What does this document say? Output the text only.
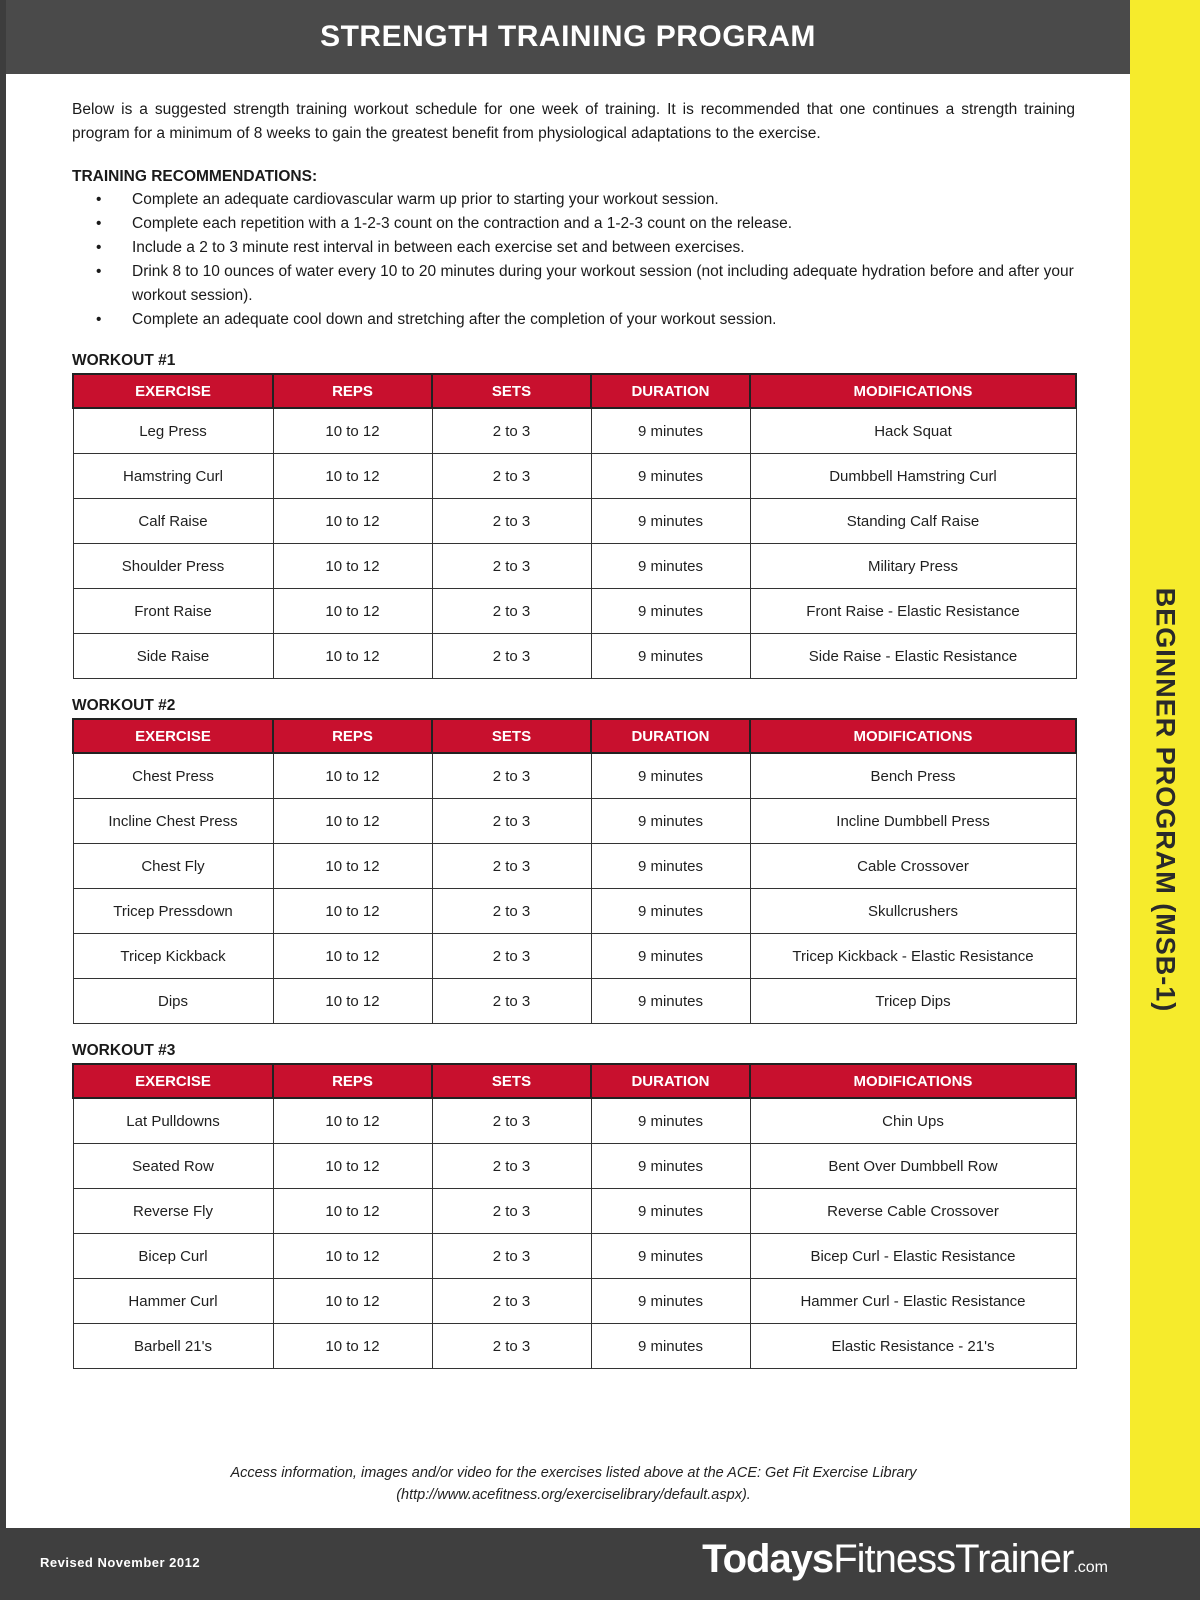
STRENGTH TRAINING PROGRAM
BEGINNER PROGRAM (MSB-1)

Below is a suggested strength training workout schedule for one week of training. It is recommended that one continues a strength training program for a minimum of 8 weeks to gain the greatest benefit from physiological adaptations to the exercise.

TRAINING RECOMMENDATIONS:
• Complete an adequate cardiovascular warm up prior to starting your workout session.
• Complete each repetition with a 1-2-3 count on the contraction and a 1-2-3 count on the release.
• Include a 2 to 3 minute rest interval in between each exercise set and between exercises.
• Drink 8 to 10 ounces of water every 10 to 20 minutes during your workout session (not including adequate hydration before and after your workout session).
• Complete an adequate cool down and stretching after the completion of your workout session.
WORKOUT #1
EXERCISE	REPS	SETS	DURATION	MODIFICATIONS
Leg Press	10 to 12	2 to 3	9 minutes	Hack Squat
Hamstring Curl	10 to 12	2 to 3	9 minutes	Dumbbell Hamstring Curl
Calf Raise	10 to 12	2 to 3	9 minutes	Standing Calf Raise
Shoulder Press	10 to 12	2 to 3	9 minutes	Military Press
Front Raise	10 to 12	2 to 3	9 minutes	Front Raise - Elastic Resistance
Side Raise	10 to 12	2 to 3	9 minutes	Side Raise - Elastic Resistance
WORKOUT #2
EXERCISE	REPS	SETS	DURATION	MODIFICATIONS
Chest Press	10 to 12	2 to 3	9 minutes	Bench Press
Incline Chest Press	10 to 12	2 to 3	9 minutes	Incline Dumbbell Press
Chest Fly	10 to 12	2 to 3	9 minutes	Cable Crossover
Tricep Pressdown	10 to 12	2 to 3	9 minutes	Skullcrushers
Tricep Kickback	10 to 12	2 to 3	9 minutes	Tricep Kickback - Elastic Resistance
Dips	10 to 12	2 to 3	9 minutes	Tricep Dips
WORKOUT #3
EXERCISE	REPS	SETS	DURATION	MODIFICATIONS
Lat Pulldowns	10 to 12	2 to 3	9 minutes	Chin Ups
Seated Row	10 to 12	2 to 3	9 minutes	Bent Over Dumbbell Row
Reverse Fly	10 to 12	2 to 3	9 minutes	Reverse Cable Crossover
Bicep Curl	10 to 12	2 to 3	9 minutes	Bicep Curl - Elastic Resistance
Hammer Curl	10 to 12	2 to 3	9 minutes	Hammer Curl - Elastic Resistance
Barbell 21's	10 to 12	2 to 3	9 minutes	Elastic Resistance - 21's
Access information, images and/or video for the exercises listed above at the ACE: Get Fit Exercise Library
(http://www.acefitness.org/exerciselibrary/default.aspx).
Revised November 2012	TodaysFitnessTrainer.com
